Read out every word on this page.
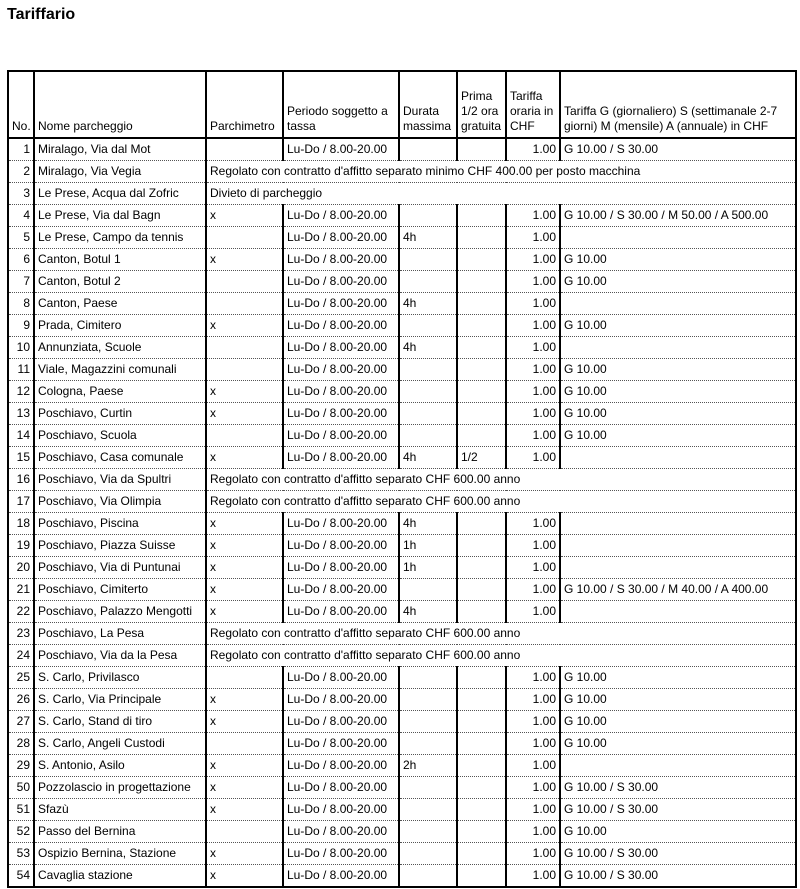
Tariffario
No.	Nome parcheggio	Parchimetro	Periodo soggetto a tassa	Durata massima	Prima 1/2 ora gratuita	Tariffa oraria in CHF	Tariffa G (giornaliero) S (settimanale 2-7 giorni) M (mensile) A (annuale) in CHF
1	Miralago, Via dal Mot		Lu-Do / 8.00-20.00			1.00	G 10.00 / S 30.00
2	Miralago, Via Vegia	Regolato con contratto d'affitto separato minimo CHF 400.00 per posto macchina					
3	Le Prese, Acqua dal Zofric	Divieto di parcheggio					
4	Le Prese, Via dal Bagn	x	Lu-Do / 8.00-20.00			1.00	G 10.00 / S 30.00 / M 50.00 / A 500.00
5	Le Prese, Campo da tennis		Lu-Do / 8.00-20.00	4h		1.00	
6	Canton, Botul 1	x	Lu-Do / 8.00-20.00			1.00	G 10.00
7	Canton, Botul 2		Lu-Do / 8.00-20.00			1.00	G 10.00
8	Canton, Paese		Lu-Do / 8.00-20.00	4h		1.00	
9	Prada, Cimitero	x	Lu-Do / 8.00-20.00			1.00	G 10.00
10	Annunziata, Scuole		Lu-Do / 8.00-20.00	4h		1.00	
11	Viale, Magazzini comunali		Lu-Do / 8.00-20.00			1.00	G 10.00
12	Cologna, Paese	x	Lu-Do / 8.00-20.00			1.00	G 10.00
13	Poschiavo, Curtin	x	Lu-Do / 8.00-20.00			1.00	G 10.00
14	Poschiavo, Scuola		Lu-Do / 8.00-20.00			1.00	G 10.00
15	Poschiavo, Casa comunale	x	Lu-Do / 8.00-20.00	4h	1/2	1.00	
16	Poschiavo, Via da Spultri	Regolato con contratto d'affitto separato CHF 600.00 anno					
17	Poschiavo, Via Olimpia	Regolato con contratto d'affitto separato CHF 600.00 anno					
18	Poschiavo, Piscina	x	Lu-Do / 8.00-20.00	4h		1.00	
19	Poschiavo, Piazza Suisse	x	Lu-Do / 8.00-20.00	1h		1.00	
20	Poschiavo, Via di Puntunai	x	Lu-Do / 8.00-20.00	1h		1.00	
21	Poschiavo, Cimiterto	x	Lu-Do / 8.00-20.00			1.00	G 10.00 / S 30.00 / M 40.00 / A 400.00
22	Poschiavo, Palazzo Mengotti	x	Lu-Do / 8.00-20.00	4h		1.00	
23	Poschiavo, La Pesa	Regolato con contratto d'affitto separato CHF 600.00 anno					
24	Poschiavo, Via da la Pesa	Regolato con contratto d'affitto separato CHF 600.00 anno					
25	S. Carlo, Privilasco		Lu-Do / 8.00-20.00			1.00	G 10.00
26	S. Carlo, Via Principale	x	Lu-Do / 8.00-20.00			1.00	G 10.00
27	S. Carlo, Stand di tiro	x	Lu-Do / 8.00-20.00			1.00	G 10.00
28	S. Carlo, Angeli Custodi		Lu-Do / 8.00-20.00			1.00	G 10.00
29	S. Antonio, Asilo	x	Lu-Do / 8.00-20.00	2h		1.00	
50	Pozzolascio in progettazione	x	Lu-Do / 8.00-20.00			1.00	G 10.00 / S 30.00
51	Sfazù	x	Lu-Do / 8.00-20.00			1.00	G 10.00 / S 30.00
52	Passo del Bernina		Lu-Do / 8.00-20.00			1.00	G 10.00
53	Ospizio Bernina, Stazione	x	Lu-Do / 8.00-20.00			1.00	G 10.00 / S 30.00
54	Cavaglia stazione	x	Lu-Do / 8.00-20.00			1.00	G 10.00 / S 30.00
